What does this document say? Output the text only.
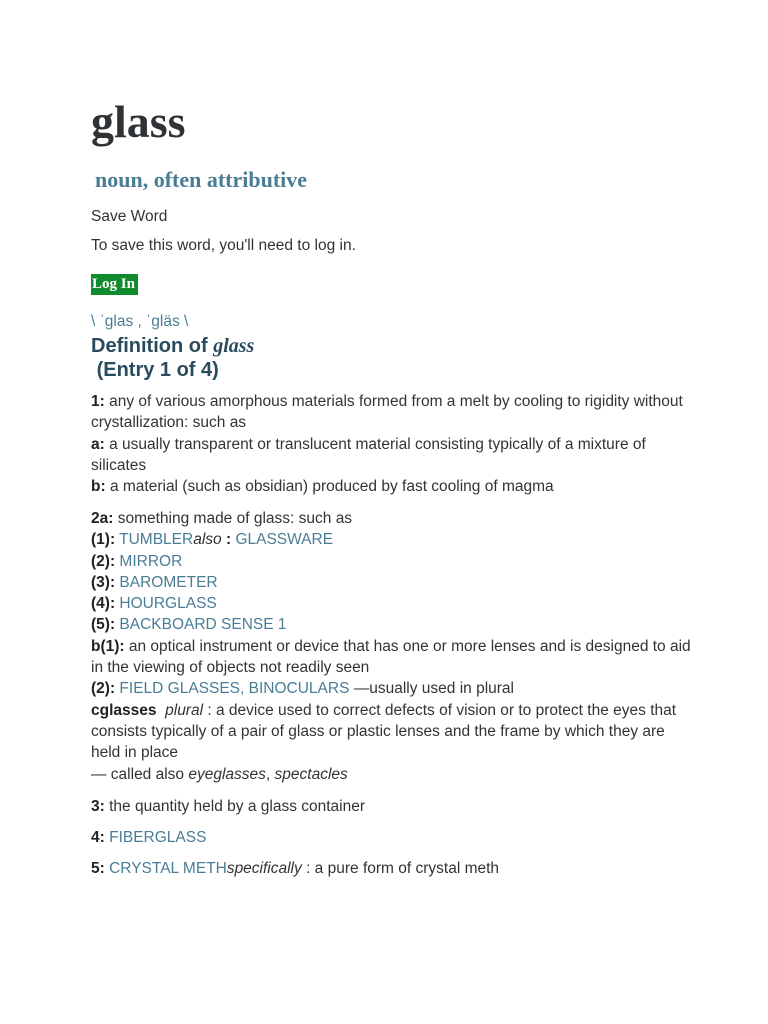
glass
noun, often attributive
Save Word
To save this word, you'll need to log in.
Log In
\ ˈglas , ˈgläs \
Definition of glass
(Entry 1 of 4)
1: any of various amorphous materials formed from a melt by cooling to rigidity without crystallization: such as
a: a usually transparent or translucent material consisting typically of a mixture of silicates
b: a material (such as obsidian) produced by fast cooling of magma
2a: something made of glass: such as
(1): TUMBLERalso : GLASSWARE
(2): MIRROR
(3): BAROMETER
(4): HOURGLASS
(5): BACKBOARD SENSE 1
b(1): an optical instrument or device that has one or more lenses and is designed to aid in the viewing of objects not readily seen
(2): FIELD GLASSES, BINOCULARS —usually used in plural
cglasses plural : a device used to correct defects of vision or to protect the eyes that consists typically of a pair of glass or plastic lenses and the frame by which they are held in place
— called also eyeglasses, spectacles
3: the quantity held by a glass container
4: FIBERGLASS
5: CRYSTAL METHspecifically : a pure form of crystal meth
